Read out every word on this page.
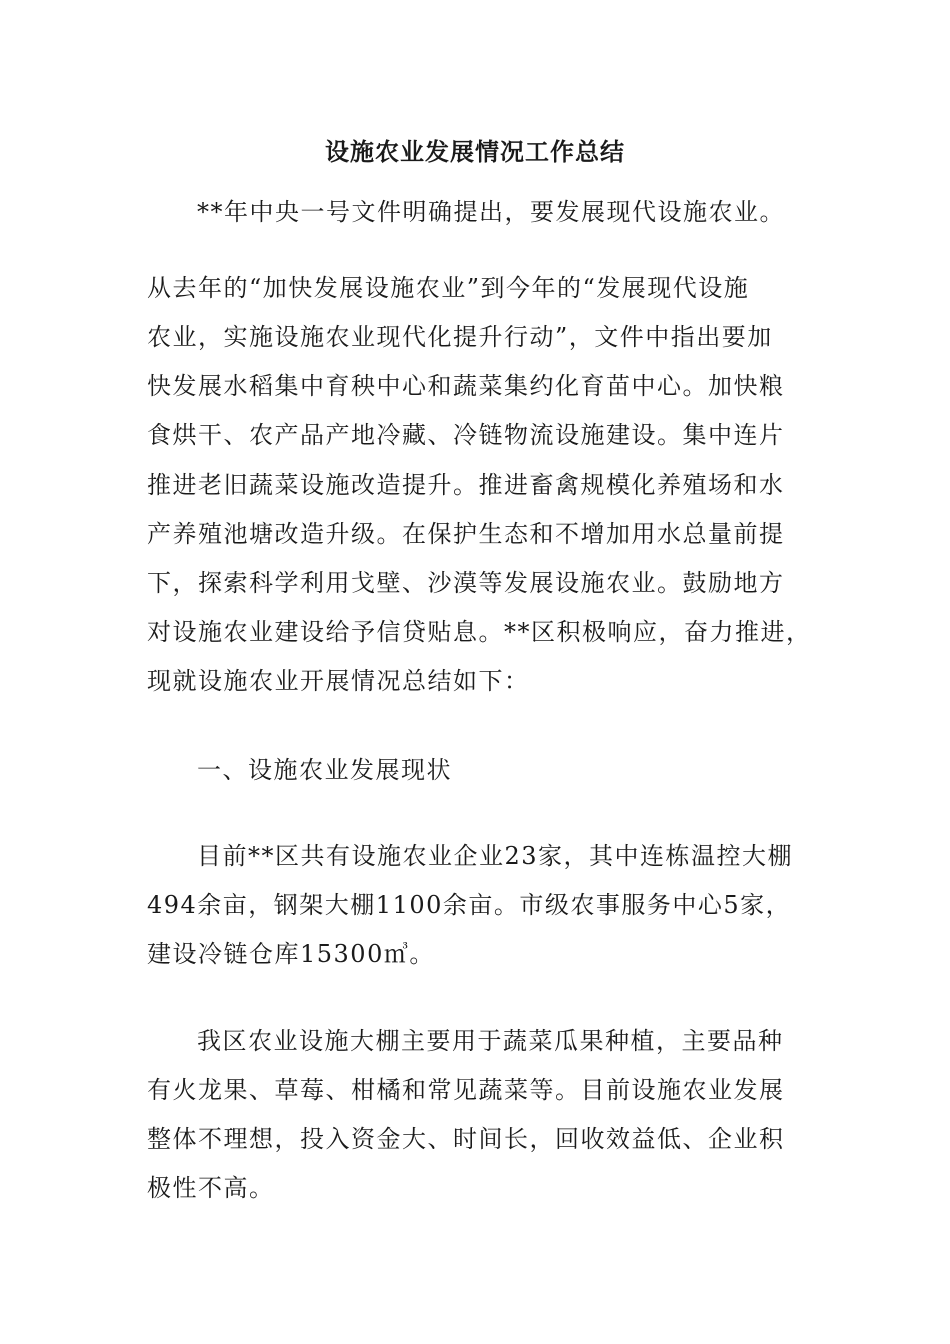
设施农业发展情况工作总结
**年中央一号文件明确提出，要发展现代设施农业。
从去年的“加快发展设施农业”到今年的“发展现代设施
农业，实施设施农业现代化提升行动”，文件中指出要加
快发展水稻集中育秧中心和蔬菜集约化育苗中心。加快粮
食烘干、农产品产地冷藏、冷链物流设施建设。集中连片
推进老旧蔬菜设施改造提升。推进畜禽规模化养殖场和水
产养殖池塘改造升级。在保护生态和不增加用水总量前提
下，探索科学利用戈壁、沙漠等发展设施农业。鼓励地方
对设施农业建设给予信贷贴息。**区积极响应，奋力推进，
现就设施农业开展情况总结如下：
一、设施农业发展现状
目前**区共有设施农业企业23家，其中连栋温控大棚
494余亩，钢架大棚1100余亩。市级农事服务中心5家，
建设冷链仓库15300㎥。
我区农业设施大棚主要用于蔬菜瓜果种植，主要品种
有火龙果、草莓、柑橘和常见蔬菜等。目前设施农业发展
整体不理想，投入资金大、时间长，回收效益低、企业积
极性不高。
